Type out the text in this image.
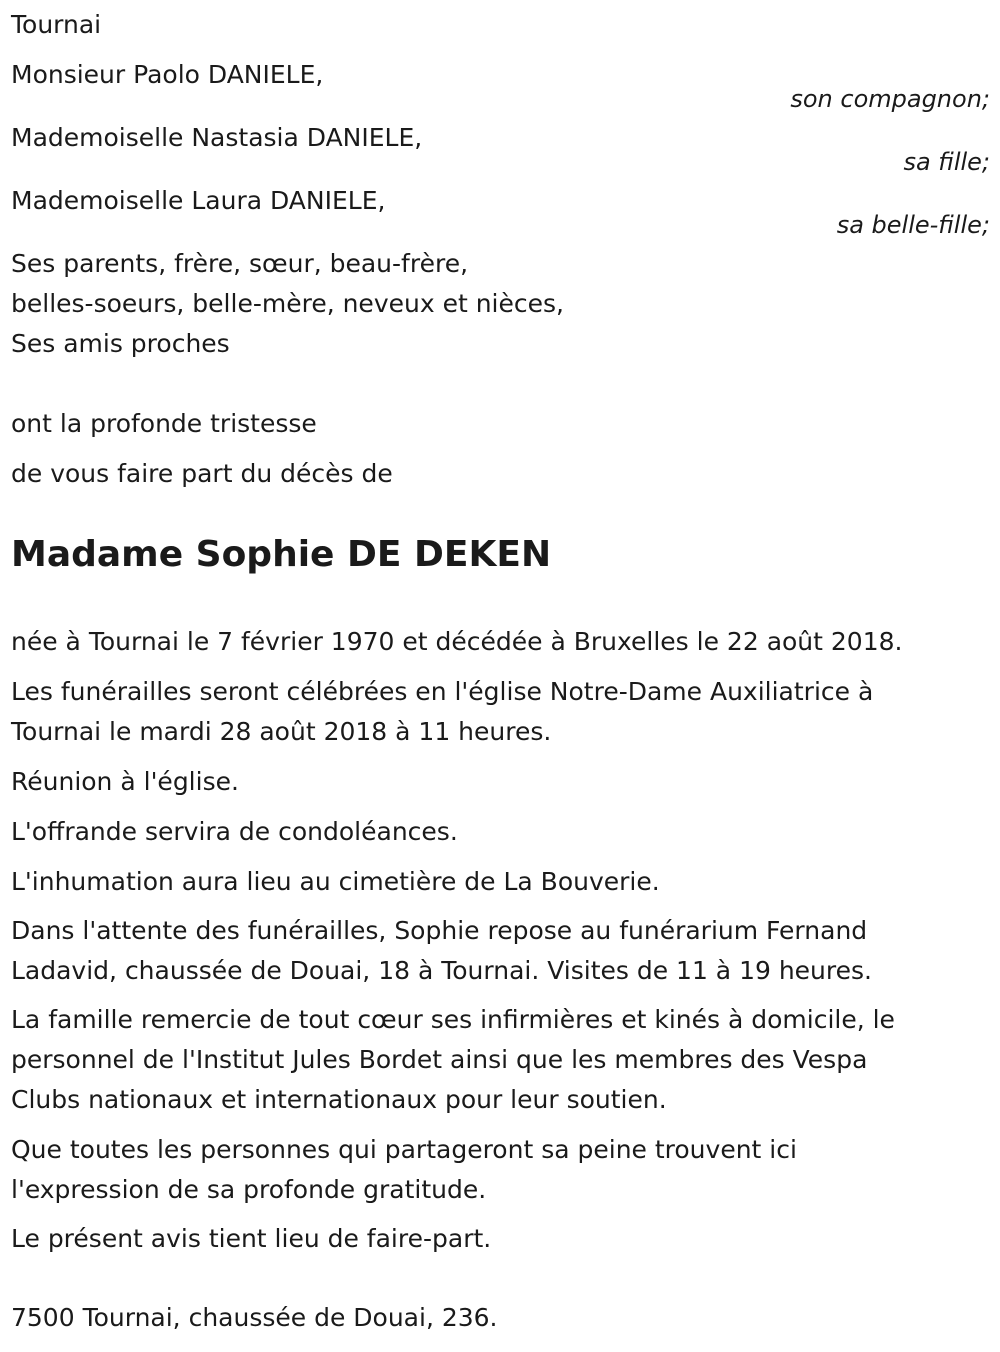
Tournai
Monsieur Paolo DANIELE,
son compagnon;
Mademoiselle Nastasia DANIELE,
sa fille;
Mademoiselle Laura DANIELE,
sa belle-fille;
Ses parents, frère, sœur, beau-frère,
belles-soeurs, belle-mère, neveux et nièces,
Ses amis proches
ont la profonde tristesse
de vous faire part du décès de
Madame Sophie DE DEKEN
née à Tournai le 7 février 1970 et décédée à Bruxelles le 22 août 2018.
Les funérailles seront célébrées en l'église Notre-Dame Auxiliatrice à
Tournai le mardi 28 août 2018 à 11 heures.
Réunion à l'église.
L'offrande servira de condoléances.
L'inhumation aura lieu au cimetière de La Bouverie.
Dans l'attente des funérailles, Sophie repose au funérarium Fernand
Ladavid, chaussée de Douai, 18 à Tournai. Visites de 11 à 19 heures.
La famille remercie de tout cœur ses infirmières et kinés à domicile, le
personnel de l'Institut Jules Bordet ainsi que les membres des Vespa
Clubs nationaux et internationaux pour leur soutien.
Que toutes les personnes qui partageront sa peine trouvent ici
l'expression de sa profonde gratitude.
Le présent avis tient lieu de faire-part.
7500 Tournai, chaussée de Douai, 236.
